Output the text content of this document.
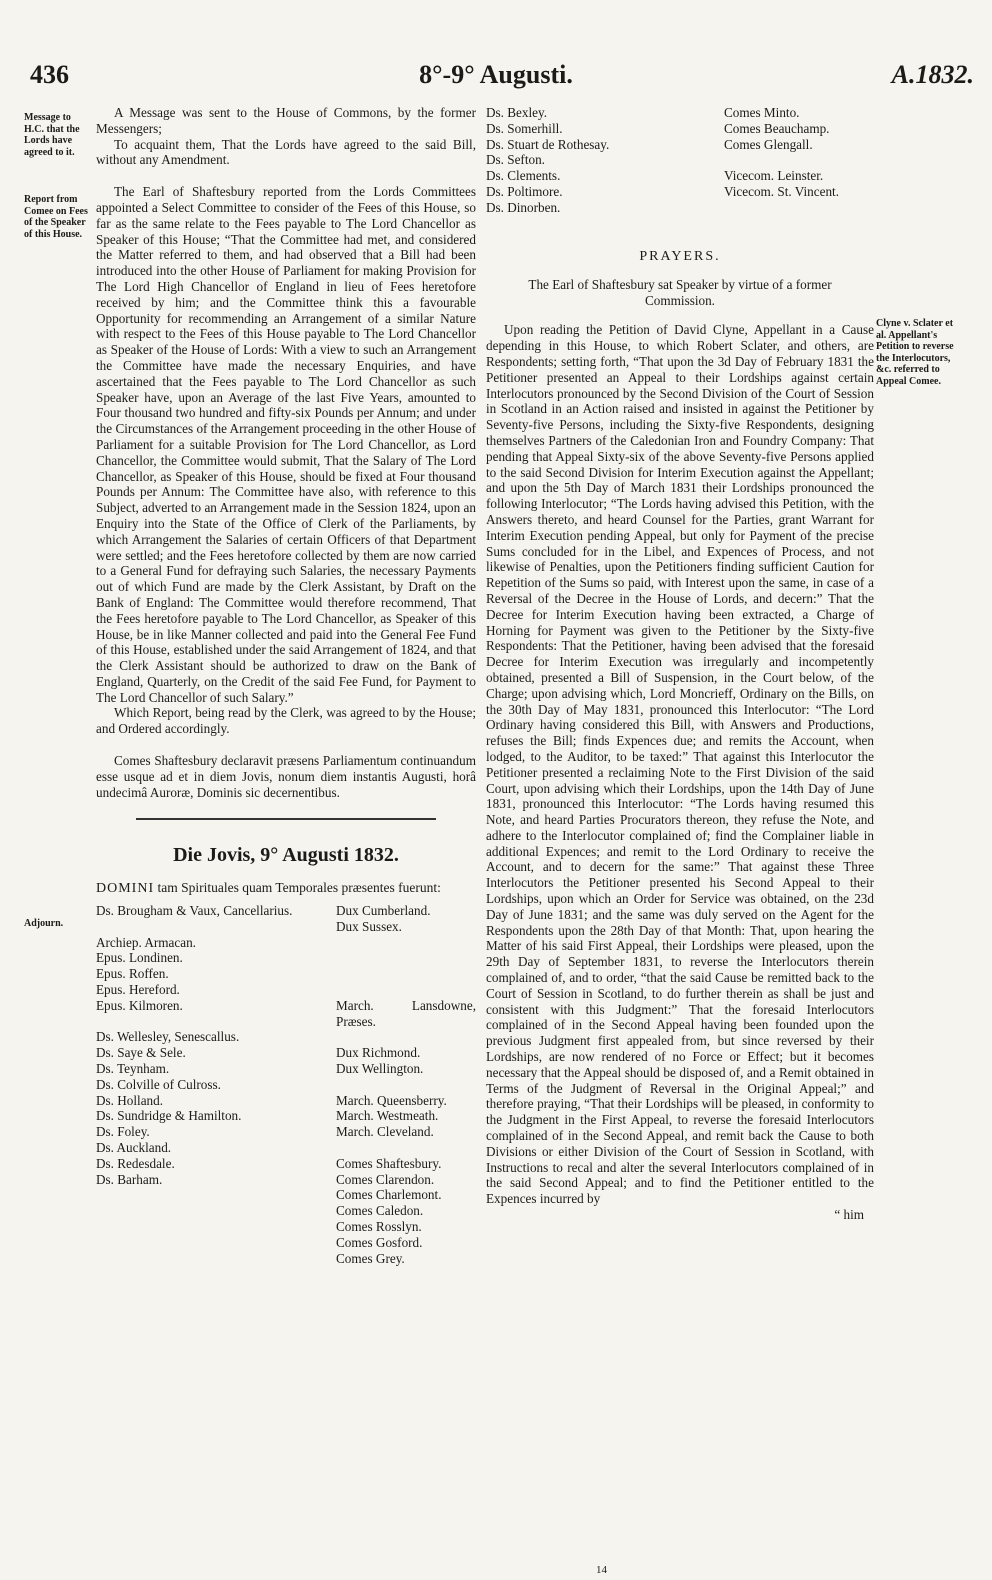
436	8°-9° Augusti.	A.1832.
Message to H.C. that the Lords have agreed to it.
Report from Comee on Fees of the Speaker of this House.
Adjourn.
Clyne v. Sclater et al. Appellant's Petition to reverse the Interlocutors, &c. referred to Appeal Comee.

A Message was sent to the House of Commons, by the former Messengers;

To acquaint them, That the Lords have agreed to the said Bill, without any Amendment.

The Earl of Shaftesbury reported from the Lords Committees appointed a Select Committee to consider of the Fees of this House, so far as the same relate to the Fees payable to The Lord Chancellor as Speaker of this House; “That the Committee had met, and considered the Matter referred to them, and had observed that a Bill had been introduced into the other House of Parliament for making Provision for The Lord High Chancellor of England in lieu of Fees heretofore received by him; and the Committee think this a favourable Opportunity for recommending an Arrangement of a similar Nature with respect to the Fees of this House payable to The Lord Chancellor as Speaker of the House of Lords: With a view to such an Arrangement the Committee have made the necessary Enquiries, and have ascertained that the Fees payable to The Lord Chancellor as such Speaker have, upon an Average of the last Five Years, amounted to Four thousand two hundred and fifty-six Pounds per Annum; and under the Circumstances of the Arrangement proceeding in the other House of Parliament for a suitable Provision for The Lord Chancellor, as Lord Chancellor, the Committee would submit, That the Salary of The Lord Chancellor, as Speaker of this House, should be fixed at Four thousand Pounds per Annum: The Committee have also, with reference to this Subject, adverted to an Arrangement made in the Session 1824, upon an Enquiry into the State of the Office of Clerk of the Parliaments, by which Arrangement the Salaries of certain Officers of that Department were settled; and the Fees heretofore collected by them are now carried to a General Fund for defraying such Salaries, the necessary Payments out of which Fund are made by the Clerk Assistant, by Draft on the Bank of England: The Committee would therefore recommend, That the Fees heretofore payable to The Lord Chancellor, as Speaker of this House, be in like Manner collected and paid into the General Fee Fund of this House, established under the said Arrangement of 1824, and that the Clerk Assistant should be authorized to draw on the Bank of England, Quarterly, on the Credit of the said Fee Fund, for Payment to The Lord Chancellor of such Salary.”

Which Report, being read by the Clerk, was agreed to by the House; and Ordered accordingly.

Comes Shaftesbury declaravit præsens Parliamentum continuandum esse usque ad et in diem Jovis, nonum diem instantis Augusti, horâ undecimâ Auroræ, Dominis sic decernentibus.

Die Jovis, 9° Augusti 1832.

DOMINI tam Spirituales quam Temporales præsentes fuerunt:

Ds. Brougham & Vaux, Cancellarius.

Archiep. Armacan.
Epus. Londinen.
Epus. Roffen.
Epus. Hereford.
Epus. Kilmoren.

Ds. Wellesley, Senescallus.
Ds. Saye & Sele.
Ds. Teynham.
Ds. Colville of Culross.
Ds. Holland.
Ds. Sundridge & Hamilton.
Ds. Foley.
Ds. Auckland.
Ds. Redesdale.
Ds. Barham.
Dux Cumberland.
Dux Sussex.

March. Lansdowne, Præses.

Dux Richmond.
Dux Wellington.

March. Queensberry.
March. Westmeath.
March. Cleveland.

Comes Shaftesbury.
Comes Clarendon.
Comes Charlemont.
Comes Caledon.
Comes Rosslyn.
Comes Gosford.
Comes Grey.
Ds. Bexley.
Ds. Somerhill.
Ds. Stuart de Rothesay.
Ds. Sefton.
Ds. Clements.
Ds. Poltimore.
Ds. Dinorben.
Comes Minto.
Comes Beauchamp.
Comes Glengall.

Vicecom. Leinster.
Vicecom. St. Vincent.
PRAYERS.
The Earl of Shaftesbury sat Speaker by virtue of a former Commission.

Upon reading the Petition of David Clyne, Appellant in a Cause depending in this House, to which Robert Sclater, and others, are Respondents; setting forth, “That upon the 3d Day of February 1831 the Petitioner presented an Appeal to their Lordships against certain Interlocutors pronounced by the Second Division of the Court of Session in Scotland in an Action raised and insisted in against the Petitioner by Seventy-five Persons, including the Sixty-five Respondents, designing themselves Partners of the Caledonian Iron and Foundry Company: That pending that Appeal Sixty-six of the above Seventy-five Persons applied to the said Second Division for Interim Execution against the Appellant; and upon the 5th Day of March 1831 their Lordships pronounced the following Interlocutor; “The Lords having advised this Petition, with the Answers thereto, and heard Counsel for the Parties, grant Warrant for Interim Execution pending Appeal, but only for Payment of the precise Sums concluded for in the Libel, and Expences of Process, and not likewise of Penalties, upon the Petitioners finding sufficient Caution for Repetition of the Sums so paid, with Interest upon the same, in case of a Reversal of the Decree in the House of Lords, and decern:” That the Decree for Interim Execution having been extracted, a Charge of Horning for Payment was given to the Petitioner by the Sixty-five Respondents: That the Petitioner, having been advised that the foresaid Decree for Interim Execution was irregularly and incompetently obtained, presented a Bill of Suspension, in the Court below, of the Charge; upon advising which, Lord Moncrieff, Ordinary on the Bills, on the 30th Day of May 1831, pronounced this Interlocutor: “The Lord Ordinary having considered this Bill, with Answers and Productions, refuses the Bill; finds Expences due; and remits the Account, when lodged, to the Auditor, to be taxed:” That against this Interlocutor the Petitioner presented a reclaiming Note to the First Division of the said Court, upon advising which their Lordships, upon the 14th Day of June 1831, pronounced this Interlocutor: “The Lords having resumed this Note, and heard Parties Procurators thereon, they refuse the Note, and adhere to the Interlocutor complained of; find the Complainer liable in additional Expences; and remit to the Lord Ordinary to receive the Account, and to decern for the same:” That against these Three Interlocutors the Petitioner presented his Second Appeal to their Lordships, upon which an Order for Service was obtained, on the 23d Day of June 1831; and the same was duly served on the Agent for the Respondents upon the 28th Day of that Month: That, upon hearing the Matter of his said First Appeal, their Lordships were pleased, upon the 29th Day of September 1831, to reverse the Interlocutors therein complained of, and to order, “that the said Cause be remitted back to the Court of Session in Scotland, to do further therein as shall be just and consistent with this Judgment:” That the foresaid Interlocutors complained of in the Second Appeal having been founded upon the previous Judgment first appealed from, but since reversed by their Lordships, are now rendered of no Force or Effect; but it becomes necessary that the Appeal should be disposed of, and a Remit obtained in Terms of the Judgment of Reversal in the Original Appeal;” and therefore praying, “That their Lordships will be pleased, in conformity to the Judgment in the First Appeal, to reverse the foresaid Interlocutors complained of in the Second Appeal, and remit back the Cause to both Divisions or either Division of the Court of Session in Scotland, with Instructions to recal and alter the several Interlocutors complained of in the said Second Appeal; and to find the Petitioner entitled to the Expences incurred by

“ him
14
